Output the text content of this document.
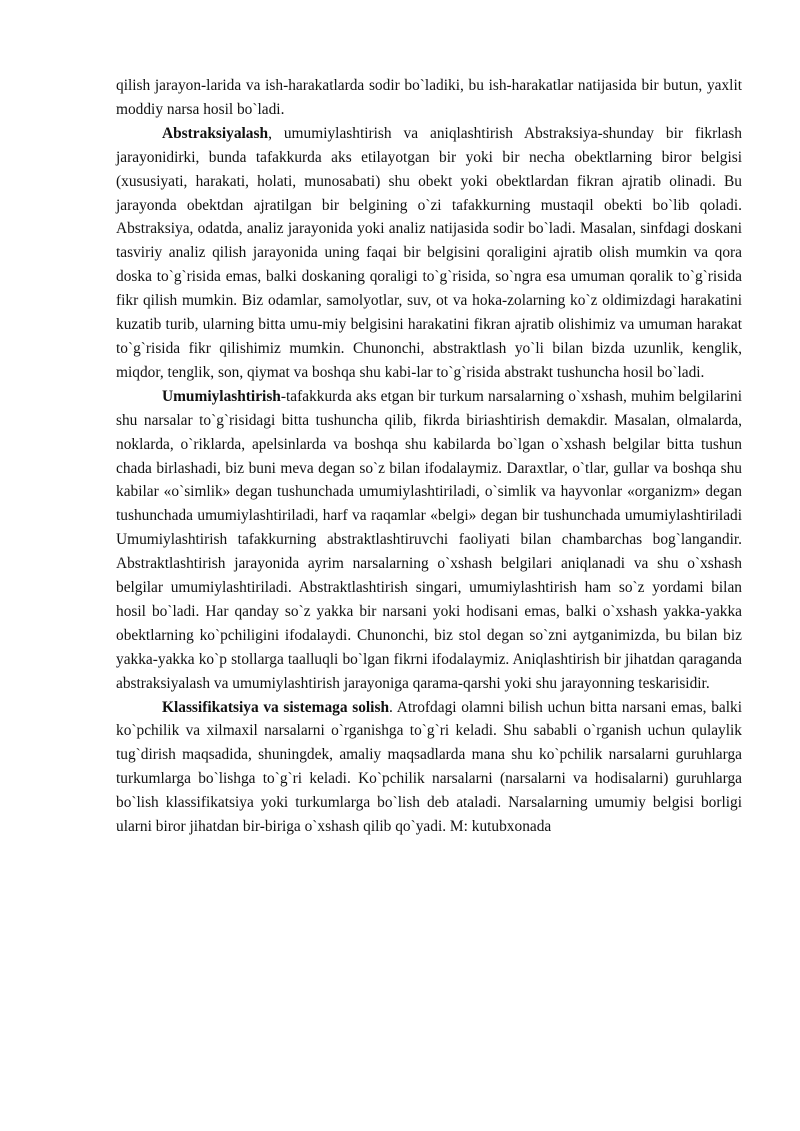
qilish jarayon-larida va ish-harakatlarda sodir bo`ladiki, bu ish-harakatlar natijasida bir butun, yaxlit moddiy narsa hosil bo`ladi.

Abstraksiyalash, umumiylashtirish va aniqlashtirish Abstraksiya-shunday bir fikrlash jarayonidirki, bunda tafakkurda aks etilayotgan bir yoki bir necha obektlarning biror belgisi (xususiyati, harakati, holati, munosabati) shu obekt yoki obektlardan fikran ajratib olinadi. Bu jarayonda obektdan ajratilgan bir belgining o`zi tafakkurning mustaqil obekti bo`lib qoladi. Abstraksiya, odatda, analiz jarayonida yoki analiz natijasida sodir bo`ladi. Masalan, sinfdagi doskani tasviriy analiz qilish jarayonida uning faqai bir belgisini qoraligini ajratib olish mumkin va qora doska to`g`risida emas, balki doskaning qoraligi to`g`risida, so`ngra esa umuman qoralik to`g`risida fikr qilish mumkin. Biz odamlar, samolyotlar, suv, ot va hoka-zolarning ko`z oldimizdagi harakatini kuzatib turib, ularning bitta umu-miy belgisini harakatini fikran ajratib olishimiz va umuman harakat to`g`risida fikr qilishimiz mumkin. Chunonchi, abstraktlash yo`li bilan bizda uzunlik, kenglik, miqdor, tenglik, son, qiymat va boshqa shu kabi-lar to`g`risida abstrakt tushuncha hosil bo`ladi.

Umumiylashtirish-tafakkurda aks etgan bir turkum narsalarning o`xshash, muhim belgilarini shu narsalar to`g`risidagi bitta tushuncha qilib, fikrda biriashtirish demakdir. Masalan, olmalarda, noklarda, o`riklarda, apelsinlarda va boshqa shu kabilarda bo`lgan o`xshash belgilar bitta tushun chada birlashadi, biz buni meva degan so`z bilan ifodalaymiz. Daraxtlar, o`tlar, gullar va boshqa shu kabilar «o`simlik» degan tushunchada umumiylashtiriladi, o`simlik va hayvonlar «organizm» degan tushunchada umumiylashtiriladi, harf va raqamlar «belgi» degan bir tushunchada umumiylashtiriladi Umumiylashtirish tafakkurning abstraktlashtiruvchi faoliyati bilan chambarchas bog`langandir. Abstraktlashtirish jarayonida ayrim narsalarning o`xshash belgilari aniqlanadi va shu o`xshash belgilar umumiylashtiriladi. Abstraktlashtirish singari, umumiylashtirish ham so`z yordami bilan hosil bo`ladi. Har qanday so`z yakka bir narsani yoki hodisani emas, balki o`xshash yakka-yakka obektlarning ko`pchiligini ifodalaydi. Chunonchi, biz stol degan so`zni aytganimizda, bu bilan biz yakka-yakka ko`p stollarga taalluqli bo`lgan fikrni ifodalaymiz. Aniqlashtirish bir jihatdan qaraganda abstraksiyalash va umumiylashtirish jarayoniga qarama-qarshi yoki shu jarayonning teskarisidir.

Klassifikatsiya va sistemaga solish. Atrofdagi olamni bilish uchun bitta narsani emas, balki ko`pchilik va xilmaxil narsalarni o`rganishga to`g`ri keladi. Shu sababli o`rganish uchun qulaylik tug`dirish maqsadida, shuningdek, amaliy maqsadlarda mana shu ko`pchilik narsalarni guruhlarga turkumlarga bo`lishga to`g`ri keladi. Ko`pchilik narsalarni (narsalarni va hodisalarni) guruhlarga bo`lish klassifikatsiya yoki turkumlarga bo`lish deb ataladi. Narsalarning umumiy belgisi borligi ularni biror jihatdan bir-biriga o`xshash qilib qo`yadi. M: kutubxonada
